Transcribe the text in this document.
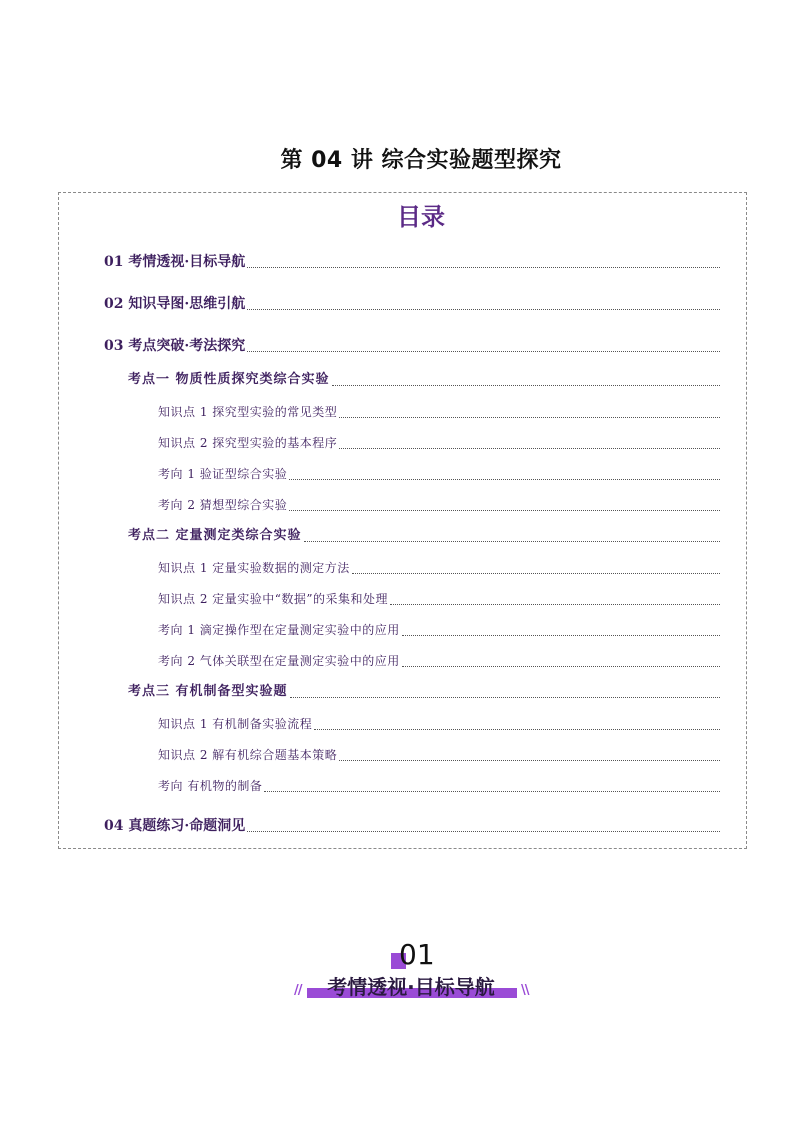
第 04 讲 综合实验题型探究
目录
01 考情透视·目标导航
02 知识导图·思维引航
03 考点突破·考法探究
考点一 物质性质探究类综合实验
知识点 1 探究型实验的常见类型
知识点 2 探究型实验的基本程序
考向 1 验证型综合实验
考向 2 猜想型综合实验
考点二 定量测定类综合实验
知识点 1 定量实验数据的测定方法
知识点 2 定量实验中“数据”的采集和处理
考向 1 滴定操作型在定量测定实验中的应用
考向 2 气体关联型在定量测定实验中的应用
考点三 有机制备型实验题
知识点 1 有机制备实验流程
知识点 2 解有机综合题基本策略
考向 有机物的制备
04 真题练习·命题洞见
01
//	\\
考情透视·目标导航
